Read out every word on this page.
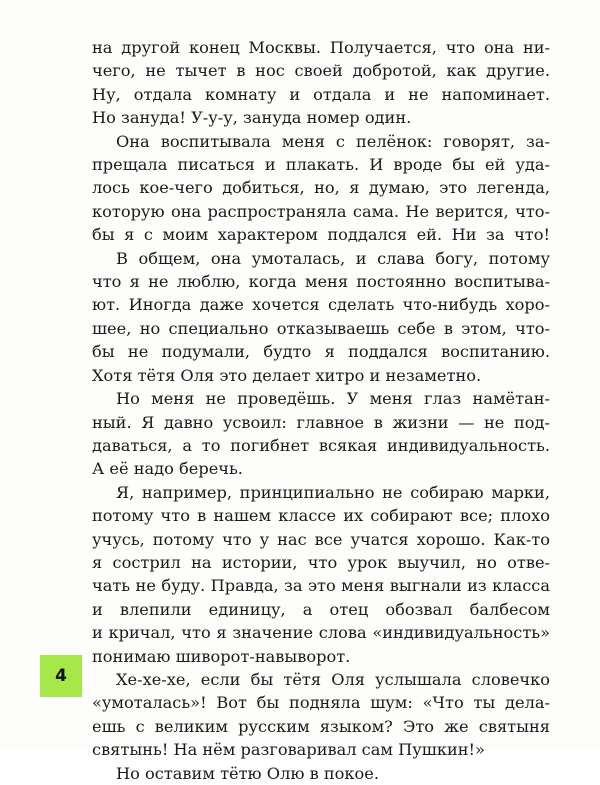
на другой конец Москвы. Получается, что она ни-
чего, не тычет в нос своей добротой, как другие.
Ну, отдала комнату и отдала и не напоминает.
Но зануда! У-у-у, зануда номер один.
Она воспитывала меня с пелёнок: говорят, за-
прещала писаться и плакать. И вроде бы ей уда-
лось кое-чего добиться, но, я думаю, это легенда,
которую она распространяла сама. Не верится, что-
бы я с моим характером поддался ей. Ни за что!
В общем, она умоталась, и слава богу, потому
что я не люблю, когда меня постоянно воспитыва-
ют. Иногда даже хочется сделать что-нибудь хоро-
шее, но специально отказываешь себе в этом, что-
бы не подумали, будто я поддался воспитанию.
Хотя тётя Оля это делает хитро и незаметно.
Но меня не проведёшь. У меня глаз намётан-
ный. Я давно усвоил: главное в жизни — не под-
даваться, а то погибнет всякая индивидуальность.
А её надо беречь.
Я, например, принципиально не собираю марки,
потому что в нашем классе их собирают все; плохо
учусь, потому что у нас все учатся хорошо. Как-то
я сострил на истории, что урок выучил, но отве-
чать не буду. Правда, за это меня выгнали из класса
и влепили единицу, а отец обозвал балбесом
и кричал, что я значение слова «индивидуальность»
понимаю шиворот-навыворот.
Хе-хе-хе, если бы тётя Оля услышала словечко
«умоталась»! Вот бы подняла шум: «Что ты дела-
ешь с великим русским языком? Это же святыня
святынь! На нём разговаривал сам Пушкин!»
Но оставим тётю Олю в покое.
4
